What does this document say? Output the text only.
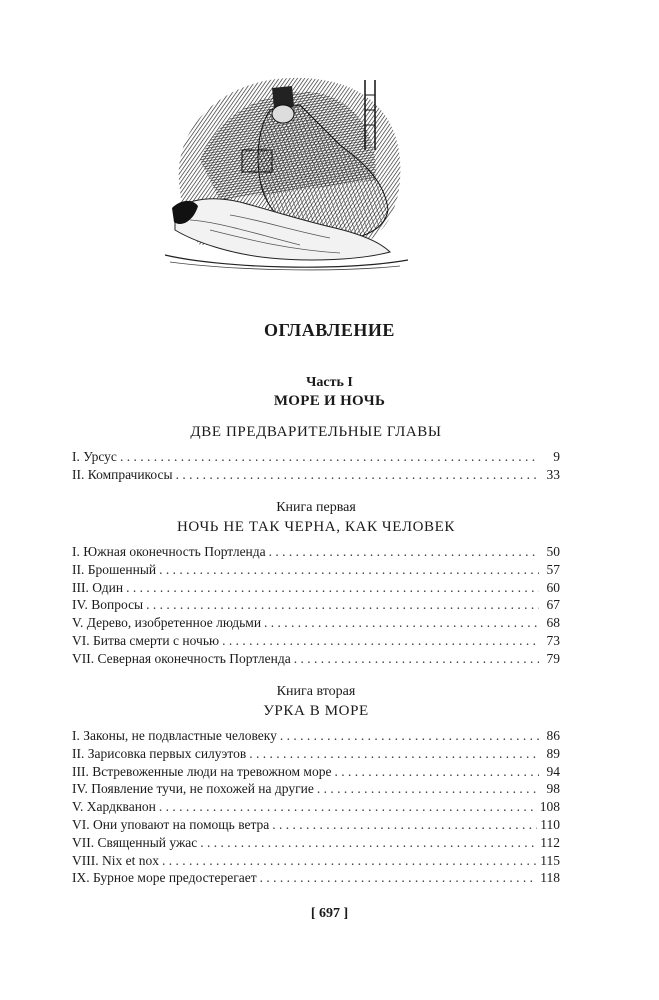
ОГЛАВЛЕНИЕ
Часть I
МОРЕ И НОЧЬ
ДВЕ ПРЕДВАРИТЕЛЬНЫЕ ГЛАВЫ
I. Урсус . . .	9
II. Компрачикосы . . .	33
Книга первая
НОЧЬ НЕ ТАК ЧЕРНА, КАК ЧЕЛОВЕК
I. Южная оконечность Портленда . . .	50
II. Брошенный . . .	57
III. Один . . .	60
IV. Вопросы . . .	67
V. Дерево, изобретенное людьми . . .	68
VI. Битва смерти с ночью . . .	73
VII. Северная оконечность Портленда . . .	79
Книга вторая
УРКА В МОРЕ
I. Законы, не подвластные человеку . . .	86
II. Зарисовка первых силуэтов . . .	89
III. Встревоженные люди на тревожном море . . .	94
IV. Появление тучи, не похожей на другие . . .	98
V. Хардкванон . . .	108
VI. Они уповают на помощь ветра . . .	110
VII. Священный ужас . . .	112
VIII. Nix et nox . . .	115
IX. Бурное море предостерегает . . .	118
[ 697 ]
